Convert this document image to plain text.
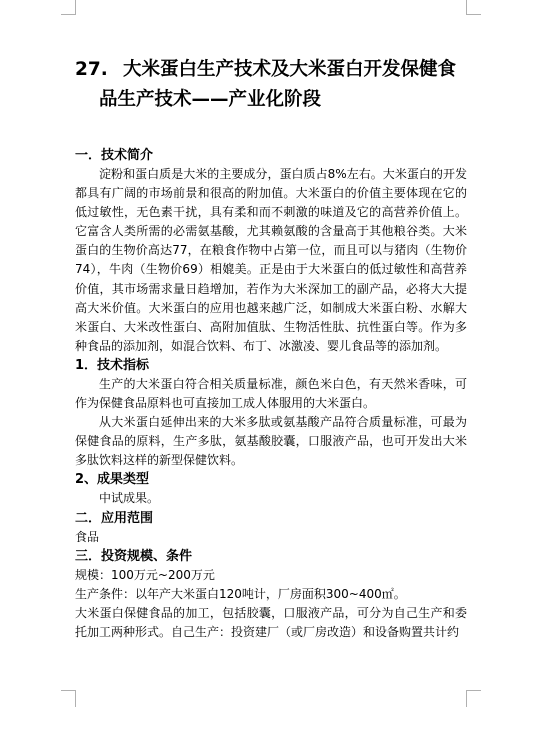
27. 大米蛋白生产技术及大米蛋白开发保健食
品生产技术——产业化阶段

一．技术简介

淀粉和蛋白质是大米的主要成分，蛋白质占8%左右。大米蛋白的开发都具有广阔的市场前景和很高的附加值。大米蛋白的价值主要体现在它的低过敏性，无色素干扰，具有柔和而不刺激的味道及它的高营养价值上。它富含人类所需的必需氨基酸，尤其赖氨酸的含量高于其他粮谷类。大米蛋白的生物价高达77，在粮食作物中占第一位，而且可以与猪肉（生物价74），牛肉（生物价69）相媲美。正是由于大米蛋白的低过敏性和高营养价值，其市场需求量日趋增加，若作为大米深加工的副产品，必将大大提高大米价值。大米蛋白的应用也越来越广泛，如制成大米蛋白粉、水解大米蛋白、大米改性蛋白、高附加值肽、生物活性肽、抗性蛋白等。作为多种食品的添加剂，如混合饮料、布丁、冰激凌、婴儿食品等的添加剂。

1．技术指标

生产的大米蛋白符合相关质量标准，颜色米白色，有天然米香味，可作为保健食品原料也可直接加工成人体服用的大米蛋白。

从大米蛋白延伸出来的大米多肽或氨基酸产品符合质量标准，可最为保健食品的原料，生产多肽，氨基酸胶囊，口服液产品，也可开发出大米多肽饮料这样的新型保健饮料。

2、成果类型

中试成果。

二．应用范围

食品

三．投资规模、条件

规模：100万元~200万元

生产条件：以年产大米蛋白120吨计，厂房面积300~400㎡。

大米蛋白保健食品的加工，包括胶囊，口服液产品，可分为自己生产和委托加工两种形式。自己生产：投资建厂（或厂房改造）和设备购置共计约
